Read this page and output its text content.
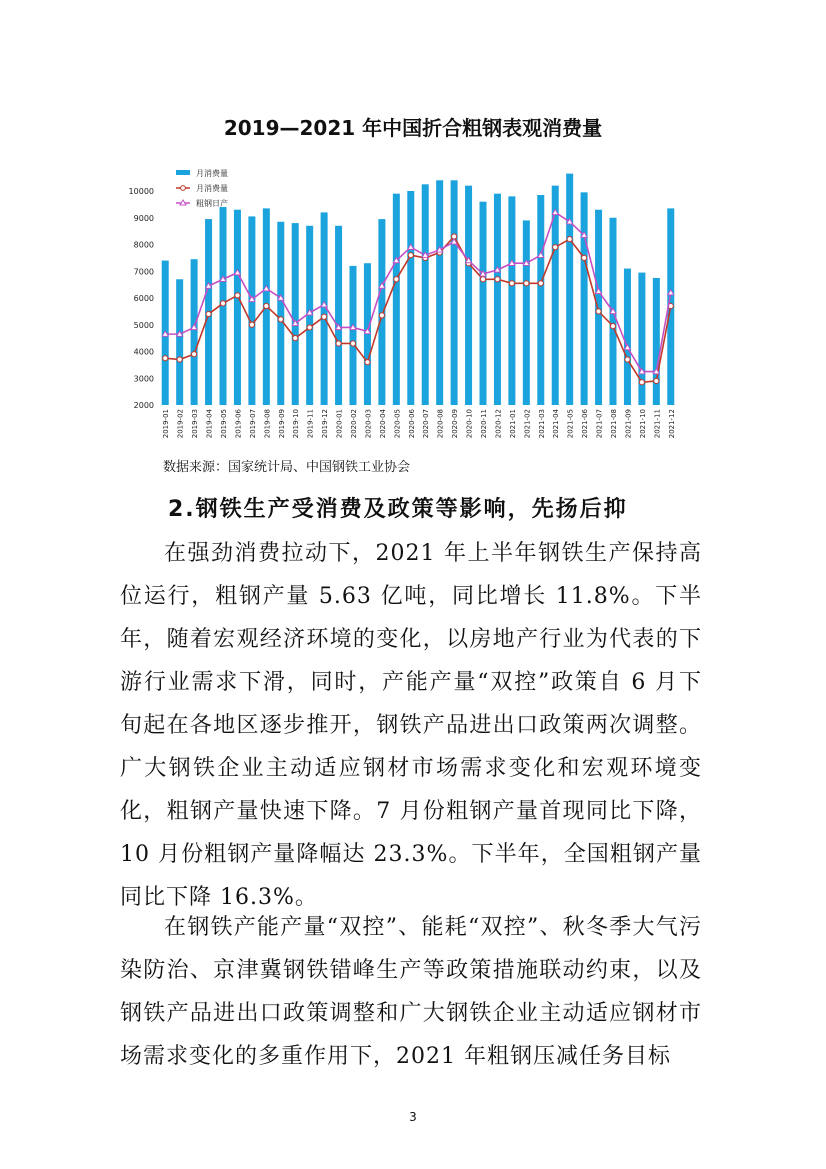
2019—2021 年中国折合粗钢表观消费量
2000
3000
4000
5000
6000
7000
8000
9000
10000
2019-01 2019-02 2019-03 2019-04 2019-05 2019-06 2019-07 2019-08 2019-09 2019-10 2019-11 2019-12 2020-01 2020-02 2020-03 2020-04 2020-05 2020-06 2020-07 2020-08 2020-09 2020-10 2020-11 2020-12 2021-01 2021-02 2021-03 2021-04 2021-05 2021-06 2021-07 2021-08 2021-09 2021-10 2021-11 2021-12
月消费量
月消费量
粗钢日产

数据来源：国家统计局、中国钢铁工业协会

2.钢铁生产受消费及政策等影响，先扬后抑

在强劲消费拉动下，2021 年上半年钢铁生产保持高位运行，粗钢产量 5.63 亿吨，同比增长 11.8%。下半年，随着宏观经济环境的变化，以房地产行业为代表的下游行业需求下滑，同时，产能产量“双控”政策自 6 月下旬起在各地区逐步推开，钢铁产品进出口政策两次调整。广大钢铁企业主动适应钢材市场需求变化和宏观环境变化，粗钢产量快速下降。7 月份粗钢产量首现同比下降，10 月份粗钢产量降幅达 23.3%。下半年，全国粗钢产量同比下降 16.3%。

在钢铁产能产量“双控”、能耗“双控”、秋冬季大气污染防治、京津冀钢铁错峰生产等政策措施联动约束，以及钢铁产品进出口政策调整和广大钢铁企业主动适应钢材市场需求变化的多重作用下，2021 年粗钢压减任务目标

3
